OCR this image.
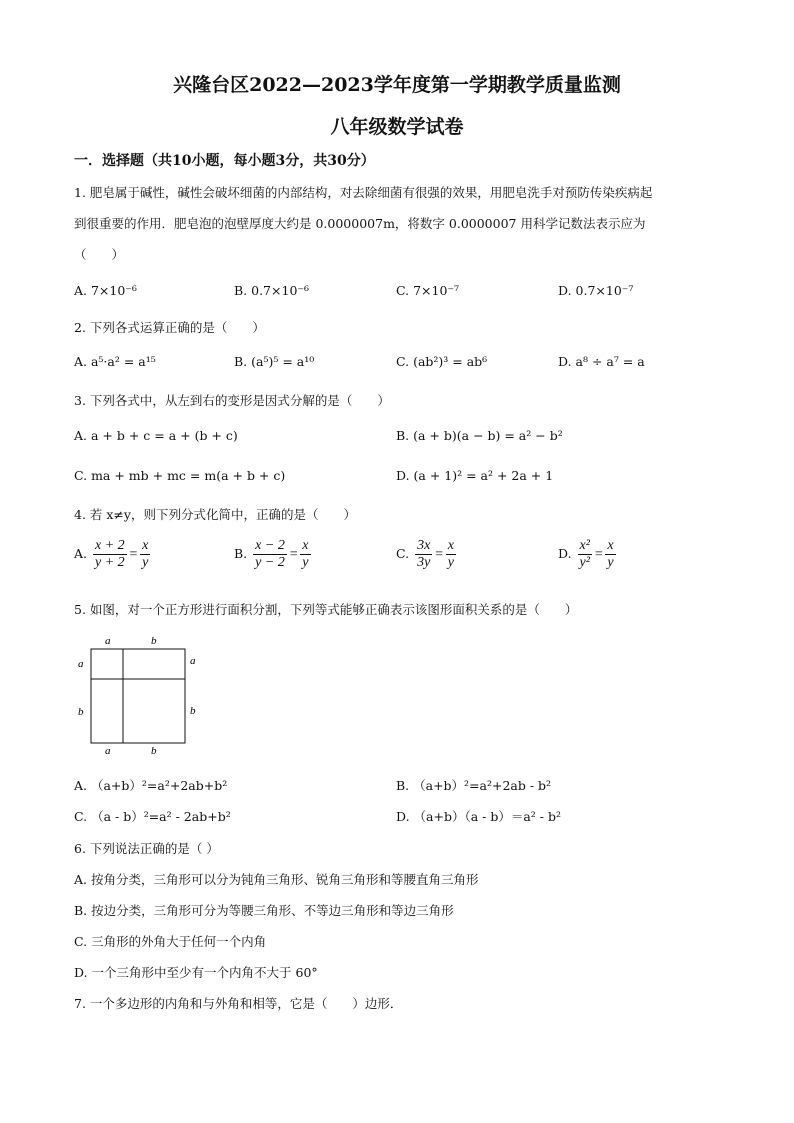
兴隆台区2022—2023学年度第一学期教学质量监测
八年级数学试卷
一．选择题（共10小题，每小题3分，共30分）
1. 肥皂属于碱性，碱性会破坏细菌的内部结构，对去除细菌有很强的效果，用肥皂洗手对预防传染疾病起
到很重要的作用．肥皂泡的泡壁厚度大约是 0.0000007m，将数字 0.0000007 用科学记数法表示应为
（　　）
A. 7×10⁻⁶	B. 0.7×10⁻⁶	C. 7×10⁻⁷	D. 0.7×10⁻⁷
2. 下列各式运算正确的是（　　）
A. a⁵·a² = a¹⁵	B. (a⁵)⁵ = a¹⁰	C. (ab²)³ = ab⁶	D. a⁸ ÷ a⁷ = a
3. 下列各式中，从左到右的变形是因式分解的是（　　）
A. a + b + c = a + (b + c)	B. (a + b)(a − b) = a² − b²
C. ma + mb + mc = m(a + b + c)	D. (a + 1)² = a² + 2a + 1
4. 若 x≠y，则下列分式化简中，正确的是（　　）
A. $\frac{x + 2}{y + 2} = \frac{x}{y}$	B. $\frac{x - 2}{y - 2} = \frac{x}{y}$	C. $\frac{3x}{3y} = \frac{x}{y}$	D. $\frac{\text{x²}}{\text{y²}} = \frac{x}{y}$
5. 如图，对一个正方形进行面积分割，下列等式能够正确表示该图形面积关系的是（　　）
a	b
a
b
a
b
a	b
A. （a+b）²=a²+2ab+b²	B. （a+b）²=a²+2ab - b²
C. （a - b）²=a² - 2ab+b²	D. （a+b）（a - b）＝a² - b²
6. 下列说法正确的是（ ）
A. 按角分类，三角形可以分为钝角三角形、锐角三角形和等腰直角三角形
B. 按边分类，三角形可分为等腰三角形、不等边三角形和等边三角形
C. 三角形的外角大于任何一个内角
D. 一个三角形中至少有一个内角不大于 60°
7. 一个多边形的内角和与外角和相等，它是（　　）边形．
